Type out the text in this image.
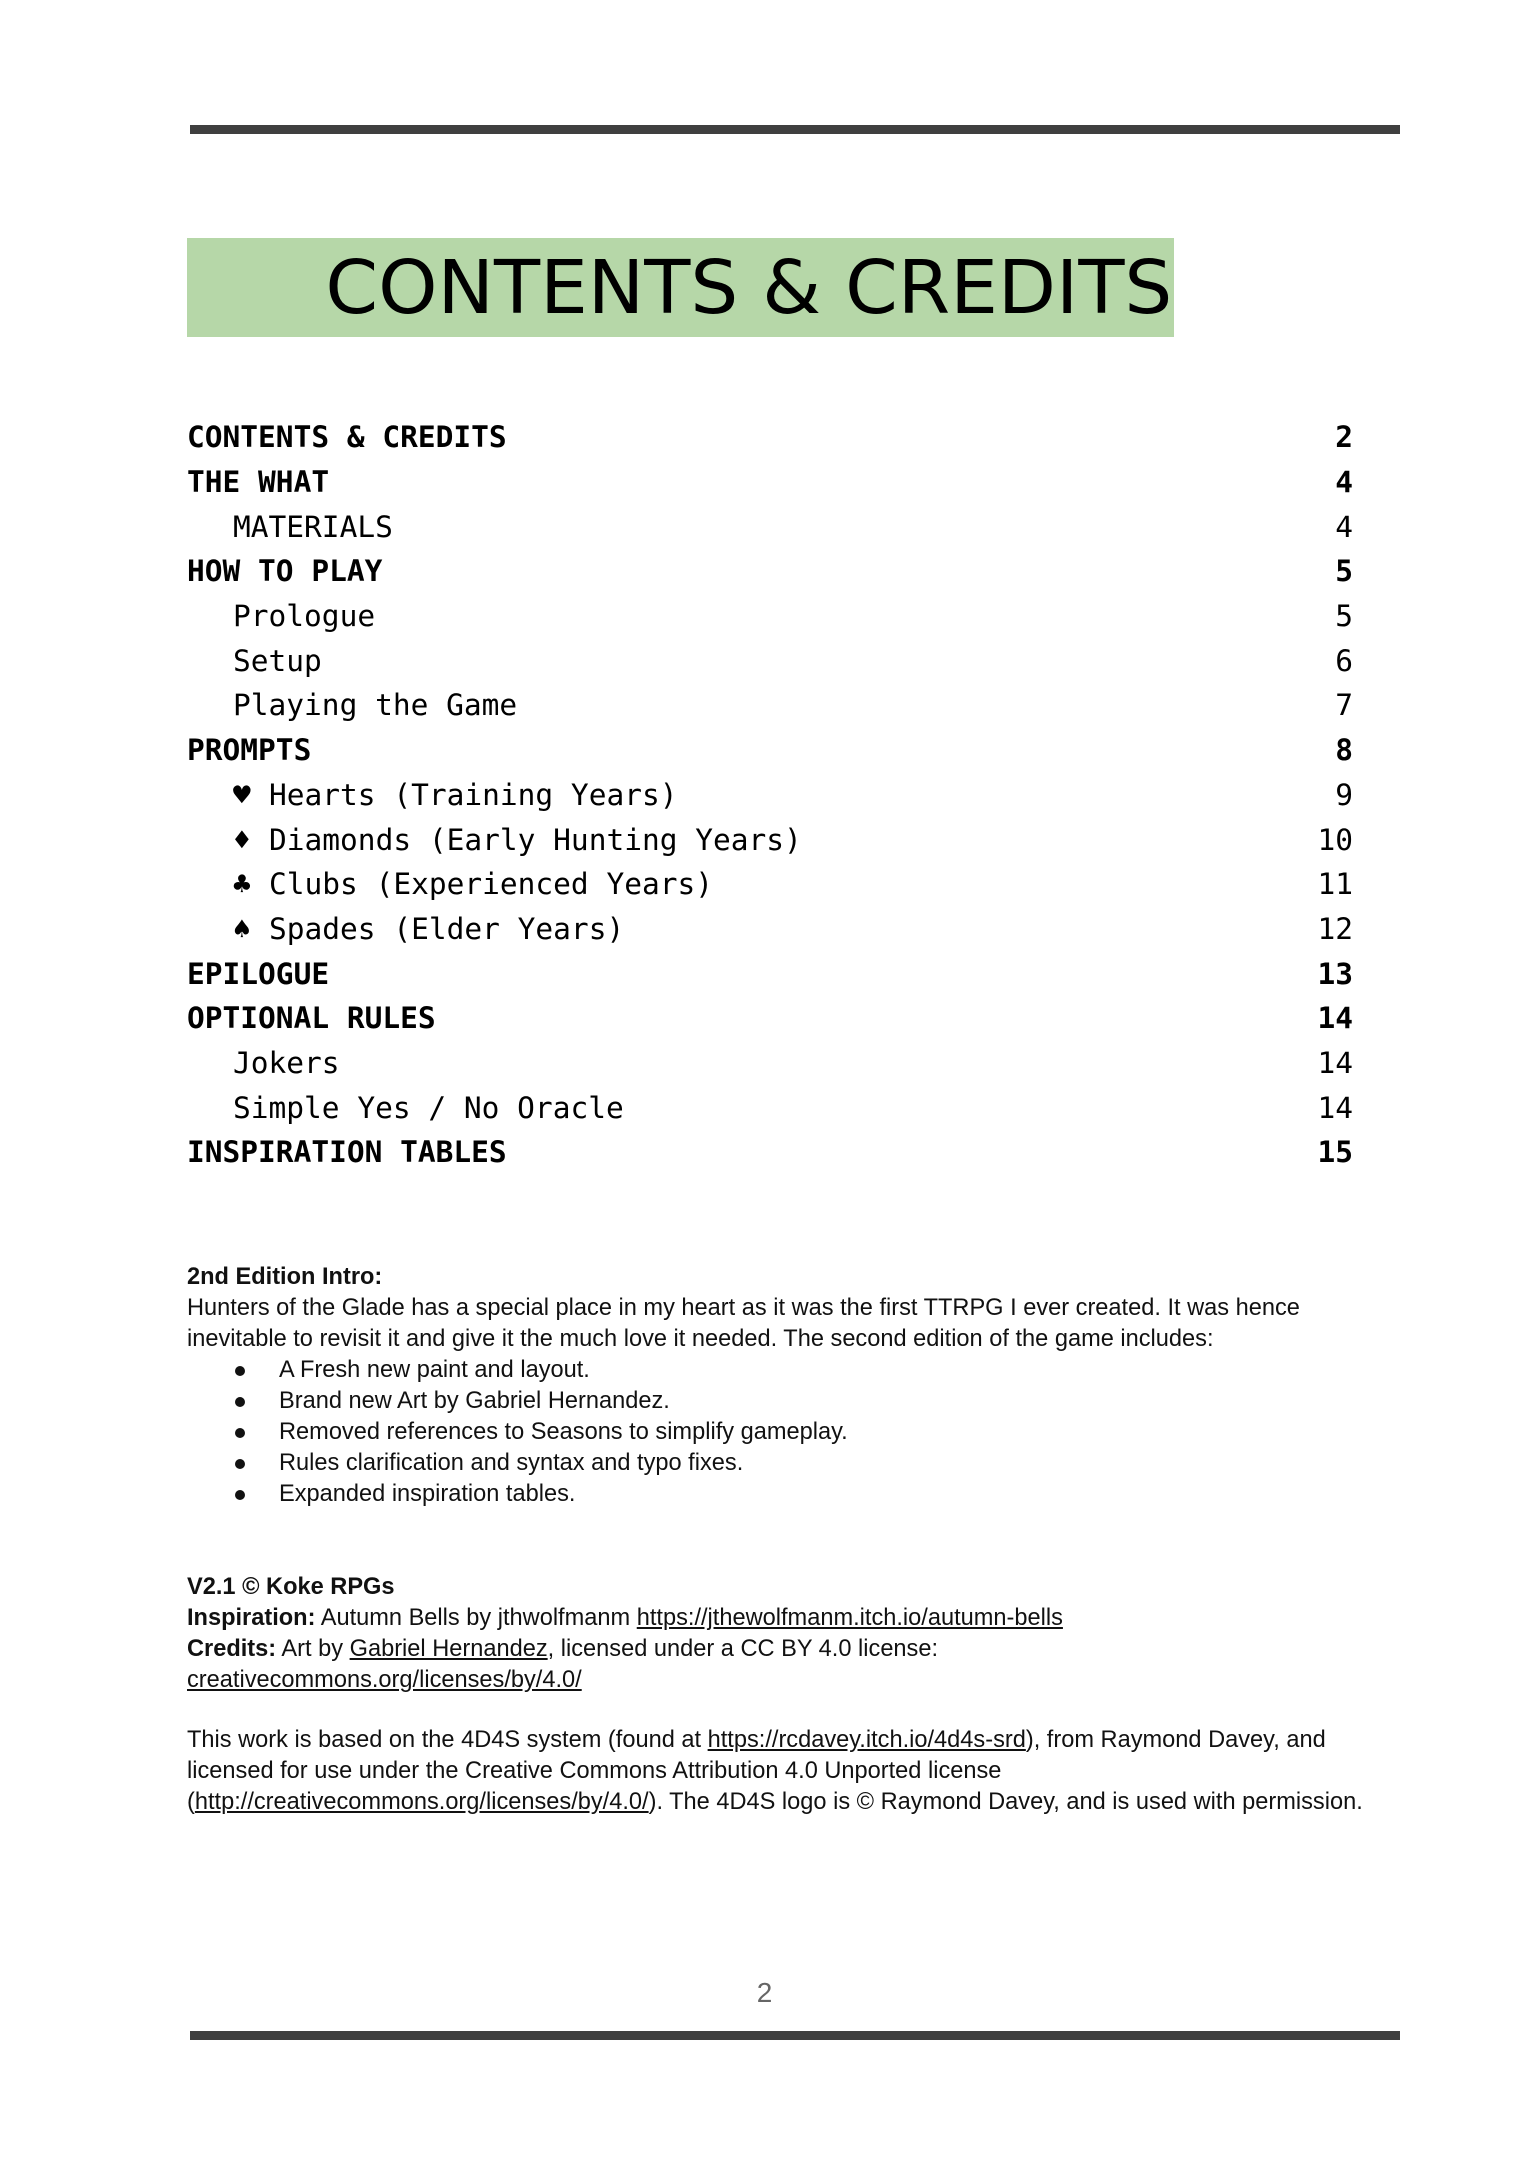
CONTENTS & CREDITS
CONTENTS & CREDITS	2
THE WHAT	4
MATERIALS	4
HOW TO PLAY	5
Prologue	5
Setup	6
Playing the Game	7
PROMPTS	8
♥ Hearts (Training Years)	9
♦ Diamonds (Early Hunting Years)	10
♣ Clubs (Experienced Years)	11
♠ Spades (Elder Years)	12
EPILOGUE	13
OPTIONAL RULES	14
Jokers	14
Simple Yes / No Oracle	14
INSPIRATION TABLES	15

2nd Edition Intro:

Hunters of the Glade has a special place in my heart as it was the first TTRPG I ever created. It was hence inevitable to revisit it and give it the much love it needed. The second edition of the game includes:

A Fresh new paint and layout.
Brand new Art by Gabriel Hernandez.
Removed references to Seasons to simplify gameplay.
Rules clarification and syntax and typo fixes.
Expanded inspiration tables.

V2.1 © Koke RPGs

Inspiration: Autumn Bells by jthwolfmanm https://jthewolfmanm.itch.io/autumn-bells

Credits: Art by Gabriel Hernandez, licensed under a CC BY 4.0 license:
creativecommons.org/licenses/by/4.0/

This work is based on the 4D4S system (found at https://rcdavey.itch.io/4d4s-srd), from Raymond Davey, and licensed for use under the Creative Commons Attribution 4.0 Unported license (http://creativecommons.org/licenses/by/4.0/). The 4D4S logo is © Raymond Davey, and is used with permission.

2
